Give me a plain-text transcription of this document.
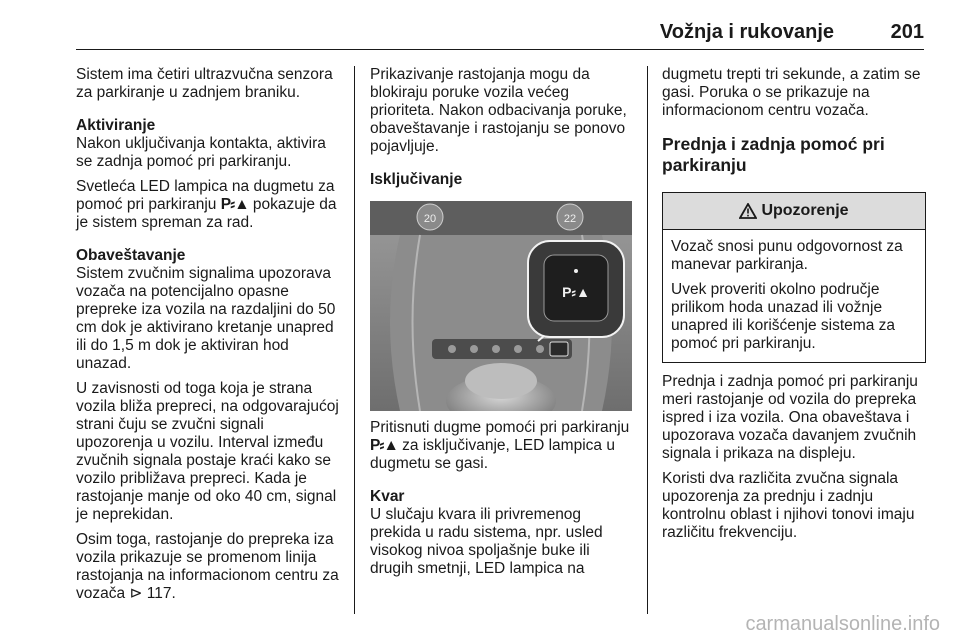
Vožnja i rukovanje	201

Sistem ima četiri ultrazvučna senzora za parkiranje u zadnjem braniku.

Aktiviranje

Nakon uključivanja kontakta, aktivira se zadnja pomoć pri parkiranju.

Svetleća LED lampica na dugmetu za pomoć pri parkiranju P⸗▲ pokazuje da je sistem spreman za rad.

Obaveštavanje

Sistem zvučnim signalima upozorava vozača na potencijalno opasne prepreke iza vozila na razdaljini do 50 cm dok je aktivirano kretanje unapred ili do 1,5 m dok je aktiviran hod unazad.

U zavisnosti od toga koja je strana vozila bliža prepreci, na odgovarajućoj strani čuju se zvučni signali upozorenja u vozilu. Interval između zvučnih signala postaje kraći kako se vozilo približava prepreci. Kada je rastojanje manje od oko 40 cm, signal je neprekidan.

Osim toga, rastojanje do prepreka iza vozila prikazuje se promenom linija rastojanja na informacionom centru za vozača ⊳ 117.

Prikazivanje rastojanja mogu da blokiraju poruke vozila većeg prioriteta. Nakon odbacivanja poruke, obaveštavanje i rastojanju se ponovo pojavljuje.

Isključivanje

20	22
P⸗▲

Pritisnuti dugme pomoći pri parkiranju P⸗▲ za isključivanje, LED lampica u dugmetu se gasi.

Kvar

U slučaju kvara ili privremenog prekida u radu sistema, npr. usled visokog nivoa spoljašnje buke ili drugih smetnji, LED lampica na

dugmetu trepti tri sekunde, a zatim se gasi. Poruka o se prikazuje na informacionom centru vozača.

Prednja i zadnja pomoć pri parkiranju

Upozorenje

Vozač snosi punu odgovornost za manevar parkiranja.

Uvek proveriti okolno područje prilikom hoda unazad ili vožnje unapred ili korišćenje sistema za pomoć pri parkiranju.

Prednja i zadnja pomoć pri parkiranju meri rastojanje od vozila do prepreka ispred i iza vozila. Ona obaveštava i upozorava vozača davanjem zvučnih signala i prikaza na displeju.

Koristi dva različita zvučna signala upozorenja za prednju i zadnju kontrolnu oblast i njihovi tonovi imaju različitu frekvenciju.

carmanualsonline.info
